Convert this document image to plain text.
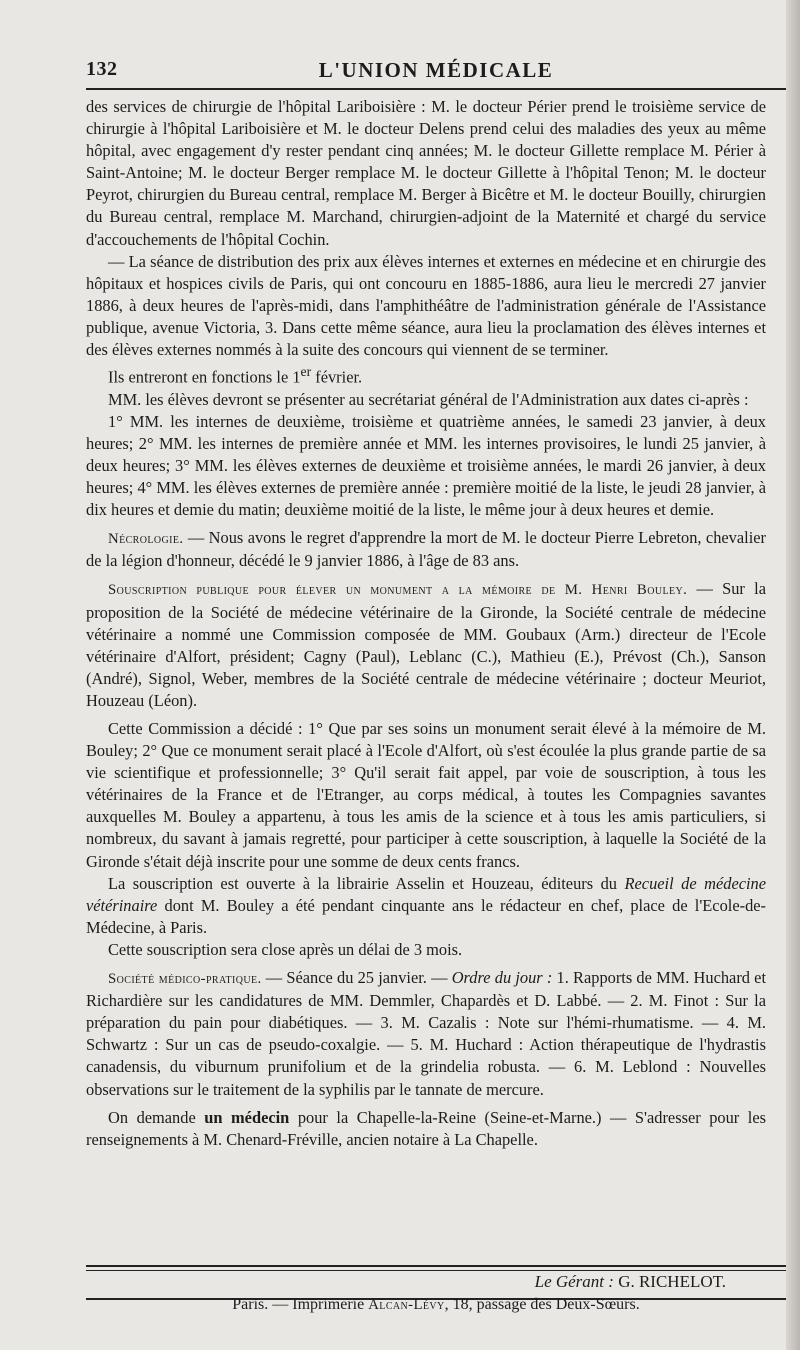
132	L'UNION MÉDICALE

des services de chirurgie de l'hôpital Lariboisière : M. le docteur Périer prend le troisième service de chirurgie à l'hôpital Lariboisière et M. le docteur Delens prend celui des maladies des yeux au même hôpital, avec engagement d'y rester pendant cinq années; M. le docteur Gillette remplace M. Périer à Saint-Antoine; M. le docteur Berger remplace M. le docteur Gillette à l'hôpital Tenon; M. le docteur Peyrot, chirurgien du Bureau central, remplace M. Berger à Bicêtre et M. le docteur Bouilly, chirurgien du Bureau central, remplace M. Marchand, chirurgien-adjoint de la Maternité et chargé du service d'accouchements de l'hôpital Cochin.

— La séance de distribution des prix aux élèves internes et externes en médecine et en chirurgie des hôpitaux et hospices civils de Paris, qui ont concouru en 1885-1886, aura lieu le mercredi 27 janvier 1886, à deux heures de l'après-midi, dans l'amphithéâtre de l'administration générale de l'Assistance publique, avenue Victoria, 3. Dans cette même séance, aura lieu la proclamation des élèves internes et des élèves externes nommés à la suite des concours qui viennent de se terminer.

Ils entreront en fonctions le 1er février.

MM. les élèves devront se présenter au secrétariat général de l'Administration aux dates ci-après :

1° MM. les internes de deuxième, troisième et quatrième années, le samedi 23 janvier, à deux heures; 2° MM. les internes de première année et MM. les internes provisoires, le lundi 25 janvier, à deux heures; 3° MM. les élèves externes de deuxième et troisième années, le mardi 26 janvier, à deux heures; 4° MM. les élèves externes de première année : première moitié de la liste, le jeudi 28 janvier, à dix heures et demie du matin; deuxième moitié de la liste, le même jour à deux heures et demie.

Nécrologie. — Nous avons le regret d'apprendre la mort de M. le docteur Pierre Lebreton, chevalier de la légion d'honneur, décédé le 9 janvier 1886, à l'âge de 83 ans.

Souscription publique pour élever un monument a la mémoire de M. Henri Bouley. — Sur la proposition de la Société de médecine vétérinaire de la Gironde, la Société centrale de médecine vétérinaire a nommé une Commission composée de MM. Goubaux (Arm.) directeur de l'Ecole vétérinaire d'Alfort, président; Cagny (Paul), Leblanc (C.), Mathieu (E.), Prévost (Ch.), Sanson (André), Signol, Weber, membres de la Société centrale de médecine vétérinaire ; docteur Meuriot, Houzeau (Léon).

Cette Commission a décidé : 1° Que par ses soins un monument serait élevé à la mémoire de M. Bouley; 2° Que ce monument serait placé à l'Ecole d'Alfort, où s'est écoulée la plus grande partie de sa vie scientifique et professionnelle; 3° Qu'il serait fait appel, par voie de souscription, à tous les vétérinaires de la France et de l'Etranger, au corps médical, à toutes les Compagnies savantes auxquelles M. Bouley a appartenu, à tous les amis de la science et à tous les amis particuliers, si nombreux, du savant à jamais regretté, pour participer à cette souscription, à laquelle la Société de la Gironde s'était déjà inscrite pour une somme de deux cents francs.

La souscription est ouverte à la librairie Asselin et Houzeau, éditeurs du Recueil de médecine vétérinaire dont M. Bouley a été pendant cinquante ans le rédacteur en chef, place de l'Ecole-de-Médecine, à Paris.

Cette souscription sera close après un délai de 3 mois.

Société médico-pratique. — Séance du 25 janvier. — Ordre du jour : 1. Rapports de MM. Huchard et Richardière sur les candidatures de MM. Demmler, Chapardès et D. Labbé. — 2. M. Finot : Sur la préparation du pain pour diabétiques. — 3. M. Cazalis : Note sur l'hémi-rhumatisme. — 4. M. Schwartz : Sur un cas de pseudo-coxalgie. — 5. M. Huchard : Action thérapeutique de l'hydrastis canadensis, du viburnum prunifolium et de la grindelia robusta. — 6. M. Leblond : Nouvelles observations sur le traitement de la syphilis par le tannate de mercure.

On demande un médecin pour la Chapelle-la-Reine (Seine-et-Marne.) — S'adresser pour les renseignements à M. Chenard-Fréville, ancien notaire à La Chapelle.

Le Gérant : G. RICHELOT.
Paris. — Imprimerie Alcan-Lévy, 18, passage des Deux-Sœurs.
